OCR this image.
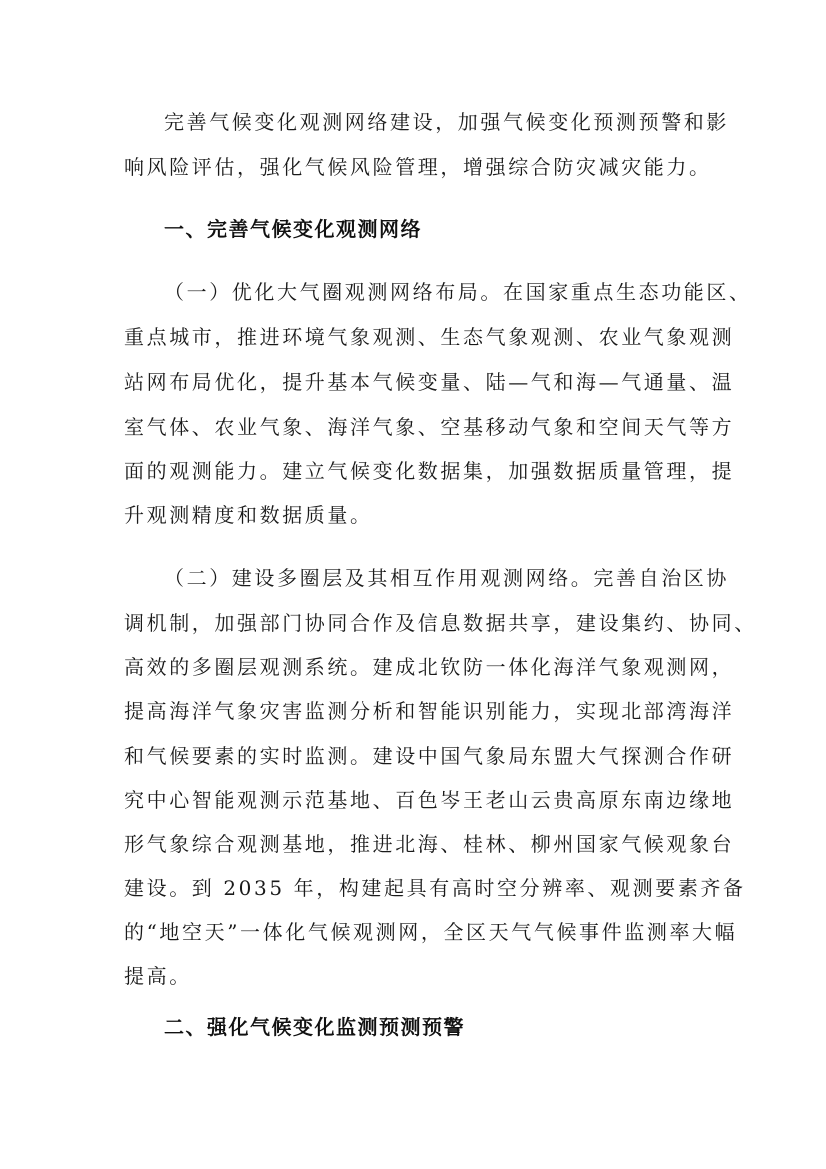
完善气候变化观测网络建设，加强气候变化预测预警和影
响风险评估，强化气候风险管理，增强综合防灾减灾能力。
一、完善气候变化观测网络
（一）优化大气圈观测网络布局。在国家重点生态功能区、
重点城市，推进环境气象观测、生态气象观测、农业气象观测
站网布局优化，提升基本气候变量、陆—气和海—气通量、温
室气体、农业气象、海洋气象、空基移动气象和空间天气等方
面的观测能力。建立气候变化数据集，加强数据质量管理，提
升观测精度和数据质量。
（二）建设多圈层及其相互作用观测网络。完善自治区协
调机制，加强部门协同合作及信息数据共享，建设集约、协同、
高效的多圈层观测系统。建成北钦防一体化海洋气象观测网，
提高海洋气象灾害监测分析和智能识别能力，实现北部湾海洋
和气候要素的实时监测。建设中国气象局东盟大气探测合作研
究中心智能观测示范基地、百色岑王老山云贵高原东南边缘地
形气象综合观测基地，推进北海、桂林、柳州国家气候观象台
建设。到 2035 年，构建起具有高时空分辨率、观测要素齐备
的“地空天”一体化气候观测网，全区天气气候事件监测率大幅
提高。
二、强化气候变化监测预测预警
